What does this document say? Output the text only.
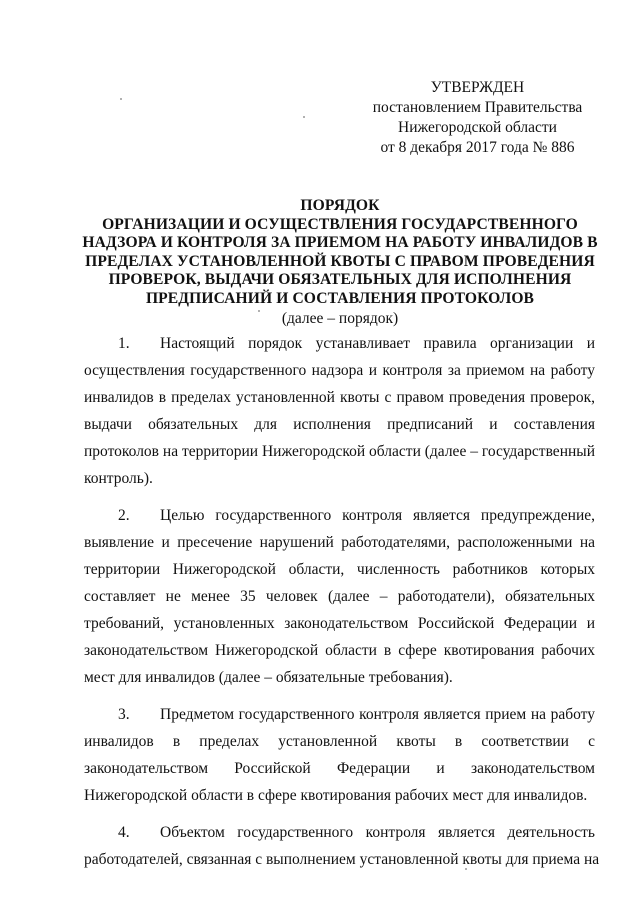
УТВЕРЖДЕН
постановлением Правительства
Нижегородской области
от 8 декабря 2017 года № 886
ПОРЯДОК
ОРГАНИЗАЦИИ И ОСУЩЕСТВЛЕНИЯ ГОСУДАРСТВЕННОГО
НАДЗОРА И КОНТРОЛЯ ЗА ПРИЕМОМ НА РАБОТУ ИНВАЛИДОВ В
ПРЕДЕЛАХ УСТАНОВЛЕННОЙ КВОТЫ С ПРАВОМ ПРОВЕДЕНИЯ
ПРОВЕРОК, ВЫДАЧИ ОБЯЗАТЕЛЬНЫХ ДЛЯ ИСПОЛНЕНИЯ
ПРЕДПИСАНИЙ И СОСТАВЛЕНИЯ ПРОТОКОЛОВ
(далее – порядок)
1. Настоящий порядок устанавливает правила организации и
осуществления государственного надзора и контроля за приемом на работу
инвалидов в пределах установленной квоты с правом проведения проверок,
выдачи обязательных для исполнения предписаний и составления
протоколов на территории Нижегородской области (далее – государственный
контроль).
2. Целью государственного контроля является предупреждение,
выявление и пресечение нарушений работодателями, расположенными на
территории Нижегородской области, численность работников которых
составляет не менее 35 человек (далее – работодатели), обязательных
требований, установленных законодательством Российской Федерации и
законодательством Нижегородской области в сфере квотирования рабочих
мест для инвалидов (далее – обязательные требования).
3. Предметом государственного контроля является прием на работу
инвалидов в пределах установленной квоты в соответствии с
законодательством Российской Федерации и законодательством
Нижегородской области в сфере квотирования рабочих мест для инвалидов.
4. Объектом государственного контроля является деятельность
работодателей, связанная с выполнением установленной квоты для приема на
